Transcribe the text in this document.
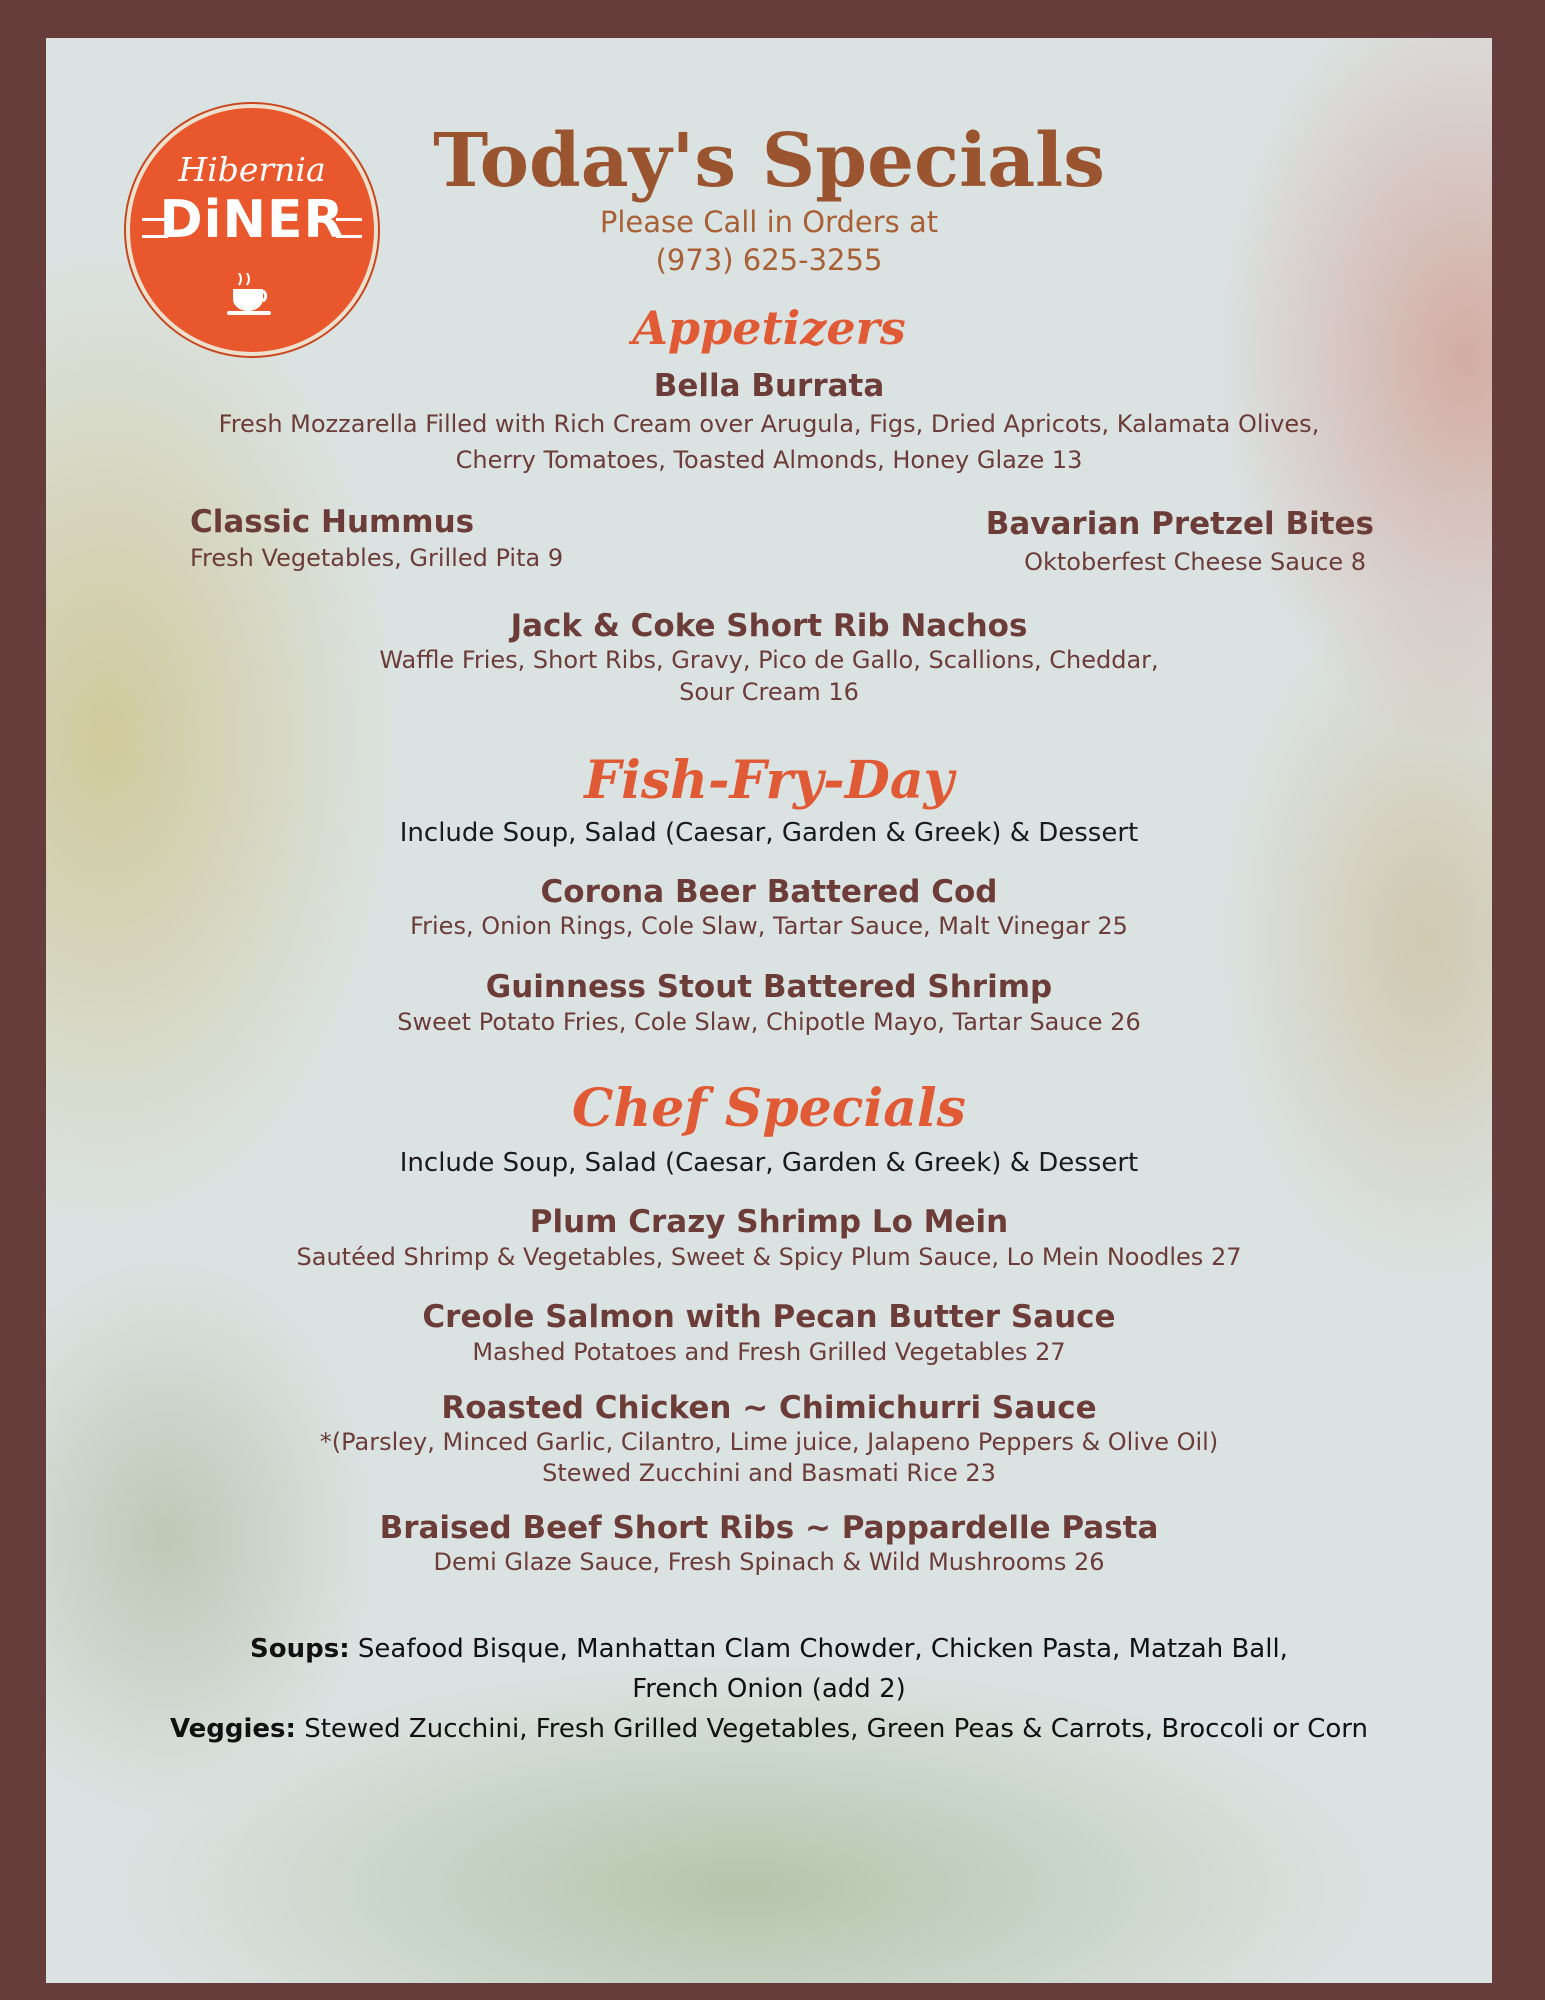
Hibernia
DiNER
Today's Specials
Please Call in Orders at
(973) 625-3255
Appetizers
Bella Burrata
Fresh Mozzarella Filled with Rich Cream over Arugula, Figs, Dried Apricots, Kalamata Olives,
Cherry Tomatoes, Toasted Almonds, Honey Glaze 13
Classic Hummus
Fresh Vegetables, Grilled Pita 9
Bavarian Pretzel Bites
Oktoberfest Cheese Sauce 8
Jack & Coke Short Rib Nachos
Waffle Fries, Short Ribs, Gravy, Pico de Gallo, Scallions, Cheddar,
Sour Cream 16
Fish-Fry-Day
Include Soup, Salad (Caesar, Garden & Greek) & Dessert
Corona Beer Battered Cod
Fries, Onion Rings, Cole Slaw, Tartar Sauce, Malt Vinegar 25
Guinness Stout Battered Shrimp
Sweet Potato Fries, Cole Slaw, Chipotle Mayo, Tartar Sauce 26
Chef Specials
Include Soup, Salad (Caesar, Garden & Greek) & Dessert
Plum Crazy Shrimp Lo Mein
Sautéed Shrimp & Vegetables, Sweet & Spicy Plum Sauce, Lo Mein Noodles 27
Creole Salmon with Pecan Butter Sauce
Mashed Potatoes and Fresh Grilled Vegetables 27
Roasted Chicken ~ Chimichurri Sauce
*(Parsley, Minced Garlic, Cilantro, Lime juice, Jalapeno Peppers & Olive Oil)
Stewed Zucchini and Basmati Rice 23
Braised Beef Short Ribs ~ Pappardelle Pasta
Demi Glaze Sauce, Fresh Spinach & Wild Mushrooms 26
Soups: Seafood Bisque, Manhattan Clam Chowder, Chicken Pasta, Matzah Ball,
French Onion (add 2)
Veggies: Stewed Zucchini, Fresh Grilled Vegetables, Green Peas & Carrots, Broccoli or Corn
